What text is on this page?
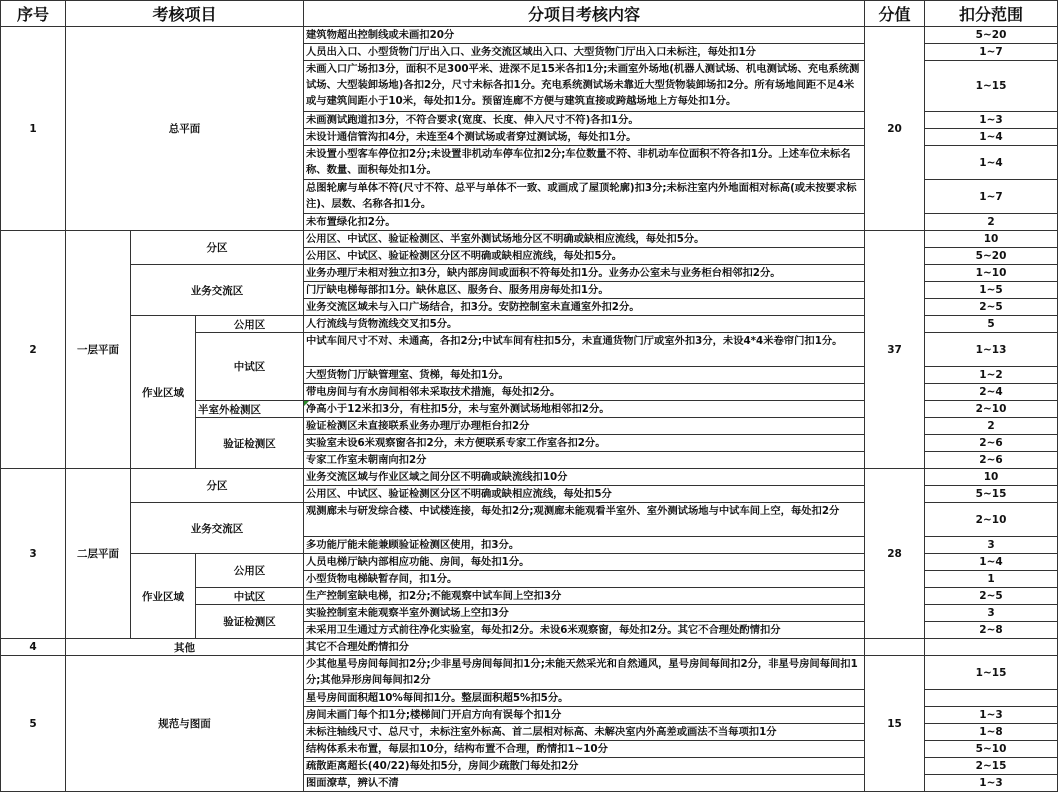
序号	考核项目			分项目考核内容	分值	扣分范围
1	总平面			建筑物超出控制线或未画扣20分	20	5~20
				人员出入口、小型货物门厅出入口、业务交流区域出入口、大型货物门厅出入口未标注，每处扣1分		1~7
				未画入口广场扣3分，面积不足300平米、进深不足15米各扣1分;未画室外场地(机器人测试场、机电测试场、充电系统测试场、大型装卸场地)各扣2分，尺寸未标各扣1分。充电系统测试场未靠近大型货物装卸场扣2分。所有场地间距不足4米或与建筑间距小于10米，每处扣1分。预留连廊不方便与建筑直接或跨越场地上方每处扣1分。		1~15
				未画测试跑道扣3分，不符合要求(宽度、长度、伸入尺寸不符)各扣1分。		1~3
				未设计通信管沟扣4分，未连至4个测试场或者穿过测试场，每处扣1分。		1~4
				未设置小型客车停位扣2分;未设置非机动车停车位扣2分;车位数量不符、非机动车位面积不符各扣1分。上述车位未标名称、数量、面积每处扣1分。		1~4
				总图轮廓与单体不符(尺寸不符、总平与单体不一致、或画成了屋顶轮廓)扣3分;未标注室内外地面相对标高(或未按要求标注)、层数、名称各扣1分。		1~7
				未布置绿化扣2分。		2
2	一层平面	分区		公用区、中试区、验证检测区、半室外测试场地分区不明确或缺相应流线，每处扣5分。	37	10
				公用区、中试区、验证检测区分区不明确或缺相应流线，每处扣5分。		5~20
		业务交流区		业务办理厅未相对独立扣3分，缺内部房间或面积不符每处扣1分。业务办公室未与业务柜台相邻扣2分。		1~10
				门厅缺电梯每部扣1分。缺休息区、服务台、服务用房每处扣1分。		1~5
				业务交流区域未与入口广场结合，扣3分。安防控制室未直通室外扣2分。		2~5
		作业区域	公用区	人行流线与货物流线交叉扣5分。		5
			中试区	中试车间尺寸不对、未通高，各扣2分;中试车间有柱扣5分，未直通货物门厅或室外扣3分，未设4*4米卷帘门扣1分。		1~13
				大型货物门厅缺管理室、货梯，每处扣1分。		1~2
				带电房间与有水房间相邻未采取技术措施，每处扣2分。		2~4
			半室外检测区	净高小于12米扣3分，有柱扣5分，未与室外测试场地相邻扣2分。		2~10
			验证检测区	验证检测区未直接联系业务办理厅办理柜台扣2分		2
				实验室未设6米观察窗各扣2分，未方便联系专家工作室各扣2分。		2~6
				专家工作室未朝南向扣2分		2~6
3	二层平面	分区		业务交流区域与作业区域之间分区不明确或缺流线扣10分	28	10
				公用区、中试区、验证检测区分区不明确或缺相应流线，每处扣5分		5~15
		业务交流区		观测廊未与研发综合楼、中试楼连接，每处扣2分;观测廊未能观看半室外、室外测试场地与中试车间上空，每处扣2分		2~10
				多功能厅能未能兼顾验证检测区使用，扣3分。		3
		作业区域	公用区	人员电梯厅缺内部相应功能、房间，每处扣1分。		1~4
				小型货物电梯缺暂存间，扣1分。		1
			中试区	生产控制室缺电梯，扣2分;不能观察中试车间上空扣3分		2~5
			验证检测区	实验控制室未能观察半室外测试场上空扣3分		3
				未采用卫生通过方式前往净化实验室，每处扣2分。未设6米观察窗，每处扣2分。其它不合理处酌情扣分		2~8
4	其他			其它不合理处酌情扣分		
5	规范与图面			少其他星号房间每间扣2分;少非星号房间每间扣1分;未能天然采光和自然通风，星号房间每间扣2分，非星号房间每间扣1分;其他异形房间每间扣2分	15	1~15
				星号房间面积超10%每间扣1分。整层面积超5%扣5分。		
				房间未画门每个扣1分;楼梯间门开启方向有误每个扣1分		1~3
				未标注轴线尺寸、总尺寸，未标注室外标高、首二层相对标高、未解决室内外高差或画法不当每项扣1分		1~8
				结构体系未布置，每层扣10分，结构布置不合理，酌情扣1~10分		5~10
				疏散距离超长(40/22)每处扣5分，房间少疏散门每处扣2分		2~15
				图面潦草，辨认不清		1~3
